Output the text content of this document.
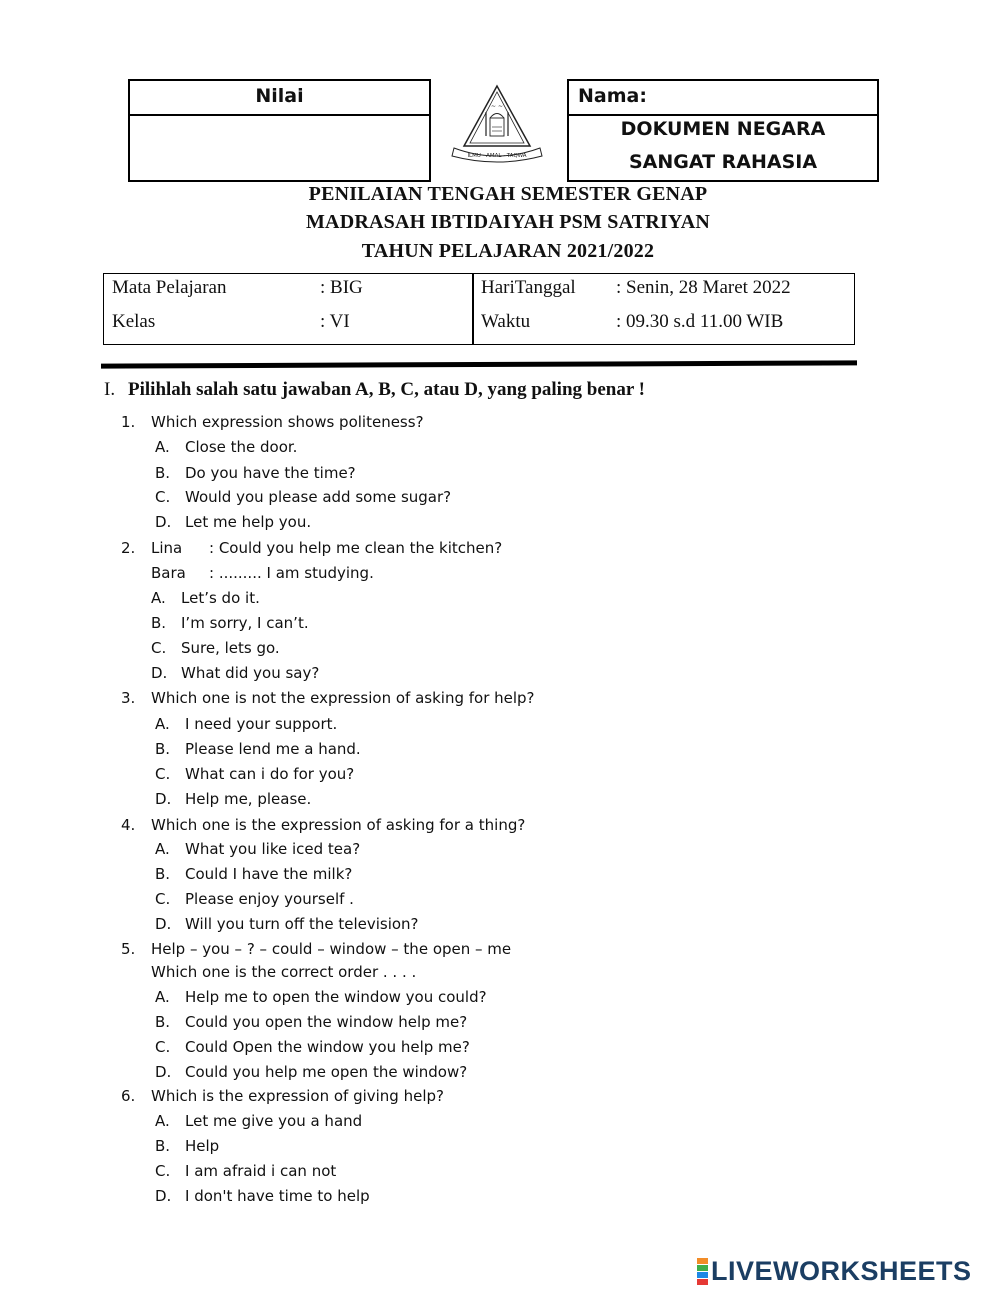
Nilai	~ ~
ILMU · AMAL · TAQWA
Nama:
DOKUMEN NEGARA
SANGAT RAHASIA
PENILAIAN TENGAH SEMESTER GENAP
MADRASAH IBTIDAIYAH PSM SATRIYAN
TAHUN PELAJARAN 2021/2022
Mata Pelajaran	: BIG
Kelas	: VI
HariTanggal : Senin, 28 Maret 2022
Waktu	: 09.30 s.d 11.00 WIB
I. Pilihlah salah satu jawaban A, B, C, atau D, yang paling benar !
1. Which expression shows politeness?
A. Close the door.
B. Do you have the time?
C. Would you please add some sugar?
D. Let me help you.
2. Lina : Could you help me clean the kitchen?
Bara : ......... I am studying.
A. Let’s do it.
B. I’m sorry, I can’t.
C. Sure, lets go.
D. What did you say?
3. Which one is not the expression of asking for help?
A. I need your support.
B. Please lend me a hand.
C. What can i do for you?
D. Help me, please.
4. Which one is the expression of asking for a thing?
A. What you like iced tea?
B. Could I have the milk?
C. Please enjoy yourself .
D. Will you turn off the television?
5. Help – you – ? – could – window – the open – me
Which one is the correct order . . . .
A. Help me to open the window you could?
B. Could you open the window help me?
C. Could Open the window you help me?
D. Could you help me open the window?
6. Which is the expression of giving help?
A. Let me give you a hand
B. Help
C. I am afraid i can not
D. I don't have time to help
LIVEWORKSHEETS
